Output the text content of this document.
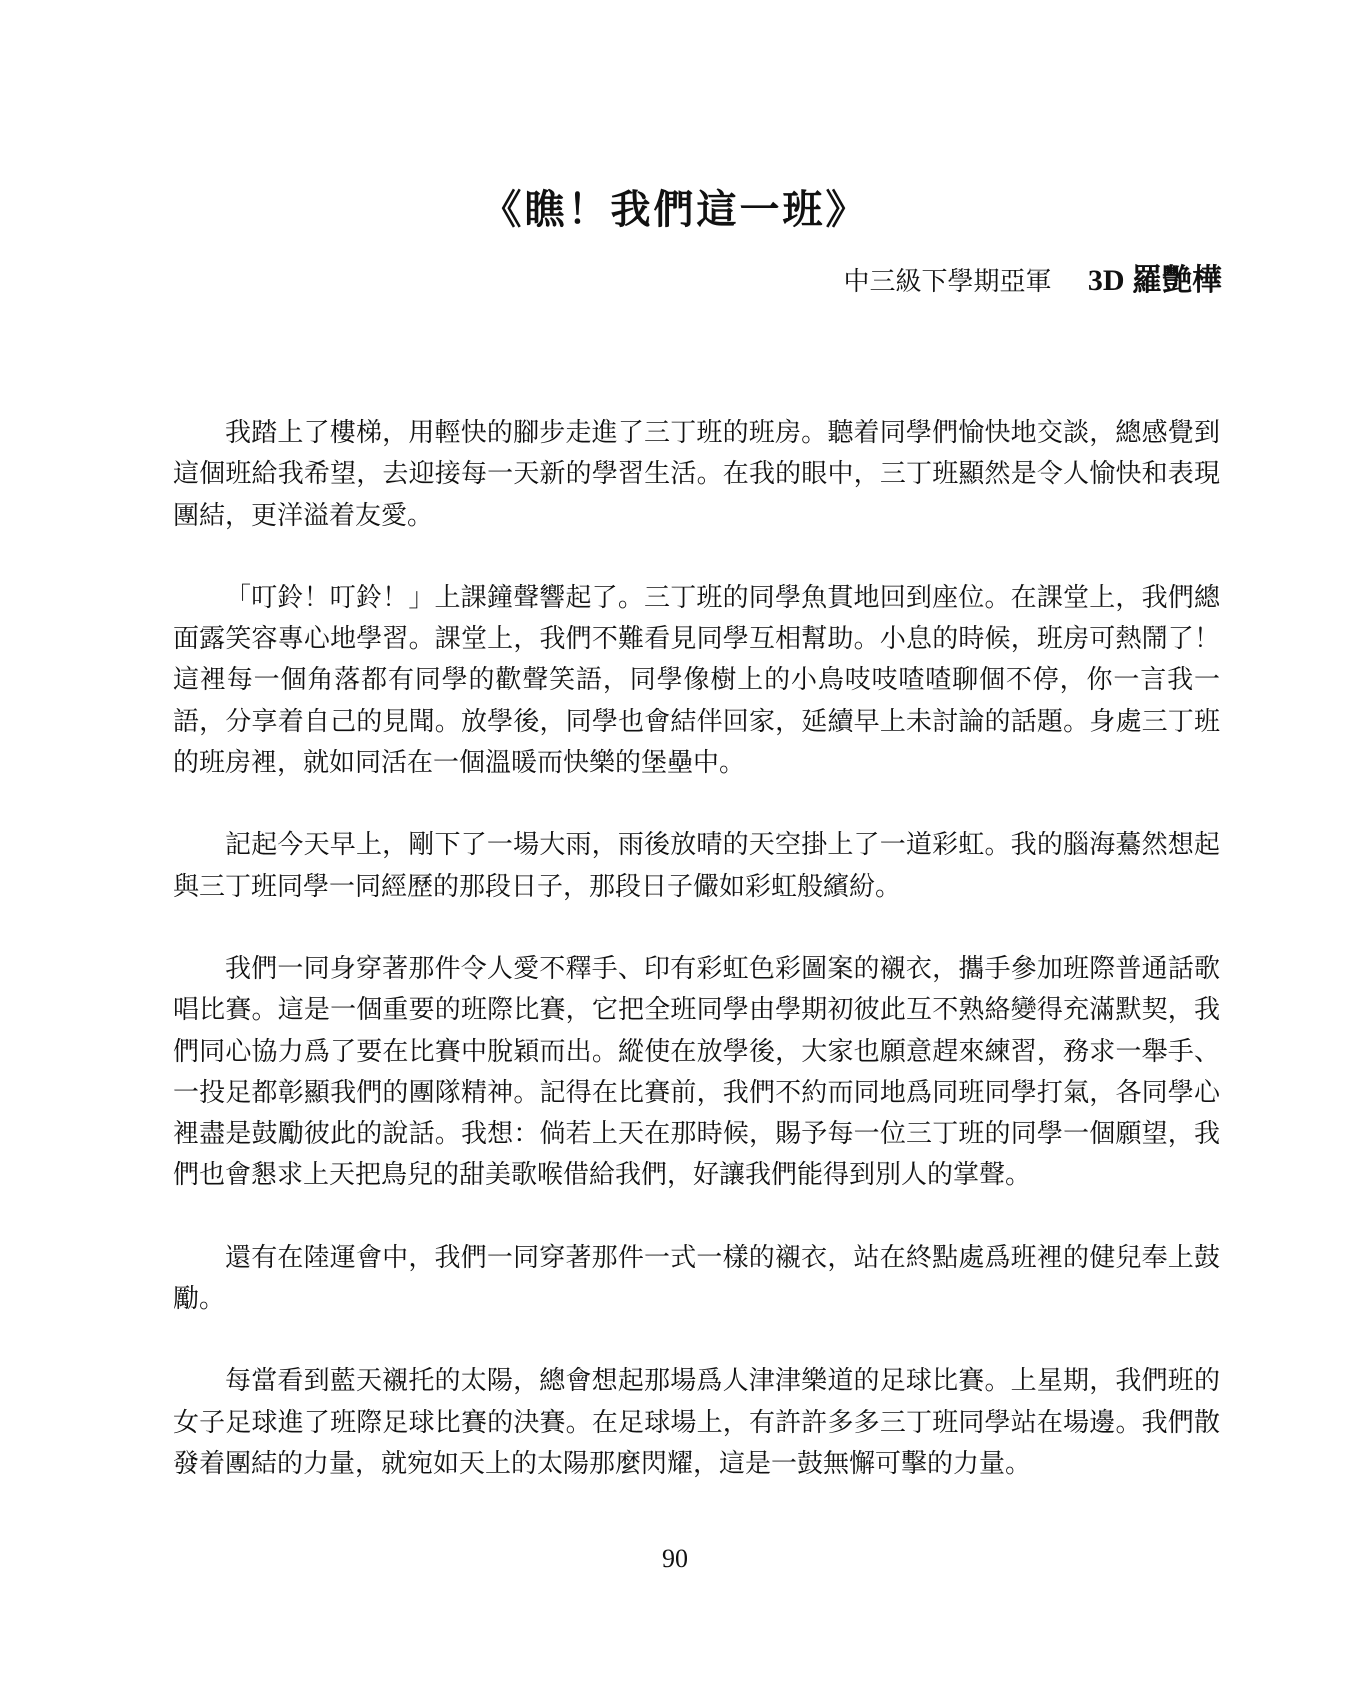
《瞧！我們這一班》
中三級下學期亞軍 3D 羅艷樺

我踏上了樓梯，用輕快的腳步走進了三丁班的班房。聽着同學們愉快地交談，總感覺到這個班給我希望，去迎接每一天新的學習生活。在我的眼中，三丁班顯然是令人愉快和表現團結，更洋溢着友愛。

「叮鈴！叮鈴！」上課鐘聲響起了。三丁班的同學魚貫地回到座位。在課堂上，我們總面露笑容專心地學習。課堂上，我們不難看見同學互相幫助。小息的時候，班房可熱鬧了！這裡每一個角落都有同學的歡聲笑語，同學像樹上的小鳥吱吱喳喳聊個不停，你一言我一語，分享着自己的見聞。放學後，同學也會結伴回家，延續早上未討論的話題。身處三丁班的班房裡，就如同活在一個溫暖而快樂的堡壘中。

記起今天早上，剛下了一場大雨，雨後放晴的天空掛上了一道彩虹。我的腦海驀然想起與三丁班同學一同經歷的那段日子，那段日子儼如彩虹般繽紛。

我們一同身穿著那件令人愛不釋手、印有彩虹色彩圖案的襯衣，攜手參加班際普通話歌唱比賽。這是一個重要的班際比賽，它把全班同學由學期初彼此互不熟絡變得充滿默契，我們同心協力爲了要在比賽中脫穎而出。縱使在放學後，大家也願意趕來練習，務求一舉手、一投足都彰顯我們的團隊精神。記得在比賽前，我們不約而同地爲同班同學打氣，各同學心裡盡是鼓勵彼此的說話。我想：倘若上天在那時候，賜予每一位三丁班的同學一個願望，我們也會懇求上天把鳥兒的甜美歌喉借給我們，好讓我們能得到別人的掌聲。

還有在陸運會中，我們一同穿著那件一式一樣的襯衣，站在終點處爲班裡的健兒奉上鼓勵。

每當看到藍天襯托的太陽，總會想起那場爲人津津樂道的足球比賽。上星期，我們班的女子足球進了班際足球比賽的決賽。在足球場上，有許許多多三丁班同學站在場邊。我們散發着團結的力量，就宛如天上的太陽那麼閃耀，這是一鼓無懈可擊的力量。

90
